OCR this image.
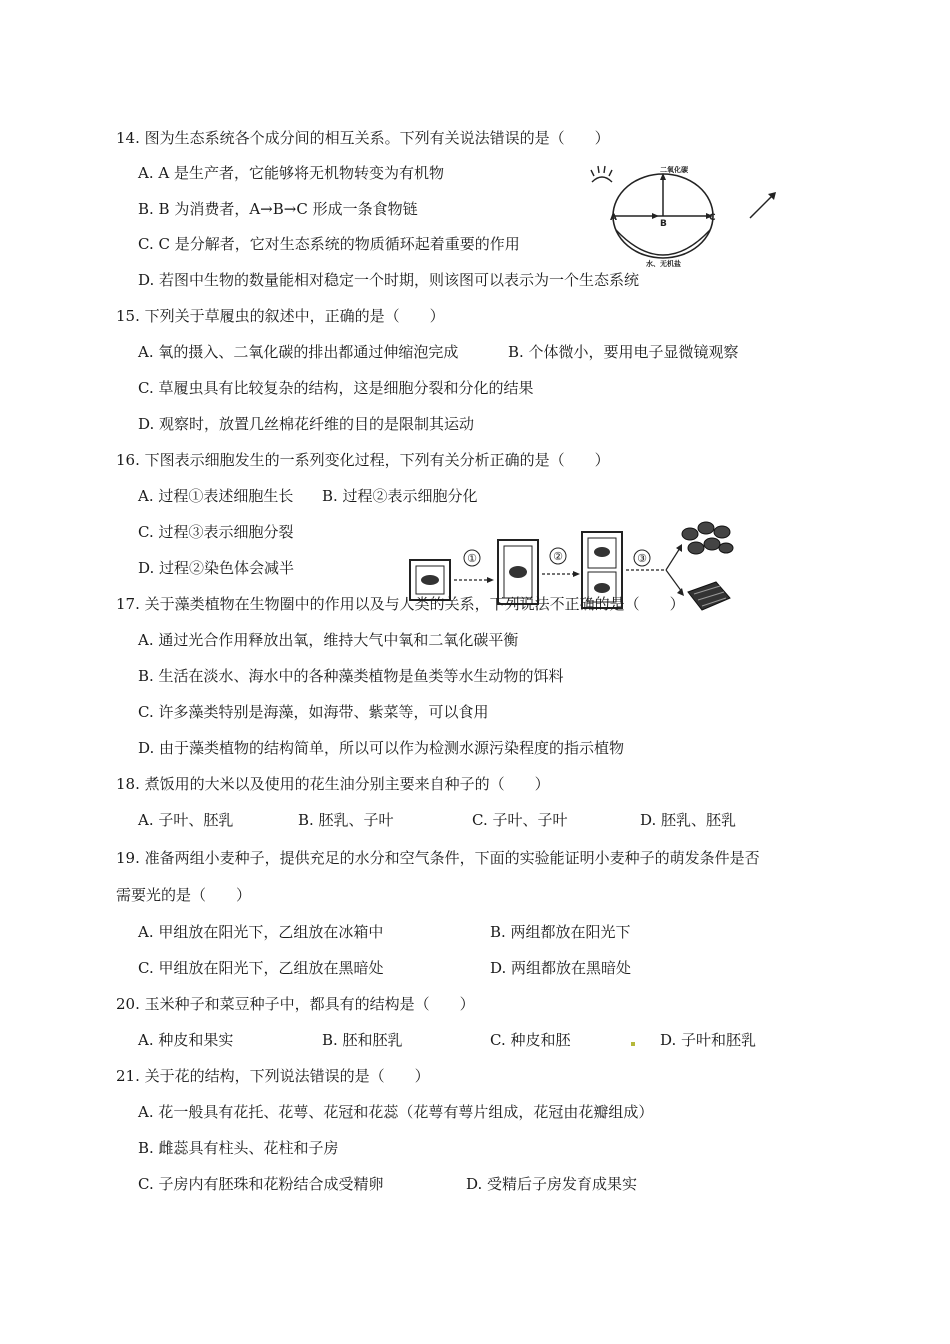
14. 图为生态系统各个成分间的相互关系。下列有关说法错误的是（　　）
A. A 是生产者，它能够将无机物转变为有机物
B. B 为消费者，A→B→C 形成一条食物链
C. C 是分解者，它对生态系统的物质循环起着重要的作用
D. 若图中生物的数量能相对稳定一个时期，则该图可以表示为一个生态系统
二氧化碳
A
B
C
水、无机盐
15. 下列关于草履虫的叙述中，正确的是（　　）
A. 氧的摄入、二氧化碳的排出都通过伸缩泡完成	B. 个体微小，要用电子显微镜观察
C. 草履虫具有比较复杂的结构，这是细胞分裂和分化的结果
D. 观察时，放置几丝棉花纤维的目的是限制其运动
16. 下图表示细胞发生的一系列变化过程，下列有关分析正确的是（　　）
A. 过程①表述细胞生长 B. 过程②表示细胞分化
C. 过程③表示细胞分裂
D. 过程②染色体会减半
①	②	③
17. 关于藻类植物在生物圈中的作用以及与人类的关系，下列说法不正确的是（　　）
A. 通过光合作用释放出氧，维持大气中氧和二氧化碳平衡
B. 生活在淡水、海水中的各种藻类植物是鱼类等水生动物的饵料
C. 许多藻类特别是海藻，如海带、紫菜等，可以食用
D. 由于藻类植物的结构简单，所以可以作为检测水源污染程度的指示植物
18. 煮饭用的大米以及使用的花生油分别主要来自种子的（　　）
A. 子叶、胚乳	B. 胚乳、子叶	C. 子叶、子叶	D. 胚乳、胚乳
19. 准备两组小麦种子，提供充足的水分和空气条件，下面的实验能证明小麦种子的萌发条件是否
需要光的是（　　）
A. 甲组放在阳光下，乙组放在冰箱中	B. 两组都放在阳光下
C. 甲组放在阳光下，乙组放在黑暗处	D. 两组都放在黑暗处
20. 玉米种子和菜豆种子中，都具有的结构是（　　）
A. 种皮和果实	B. 胚和胚乳	C. 种皮和胚	D. 子叶和胚乳
21. 关于花的结构，下列说法错误的是（　　）
A. 花一般具有花托、花萼、花冠和花蕊（花萼有萼片组成，花冠由花瓣组成）
B. 雌蕊具有柱头、花柱和子房
C. 子房内有胚珠和花粉结合成受精卵	D. 受精后子房发育成果实
